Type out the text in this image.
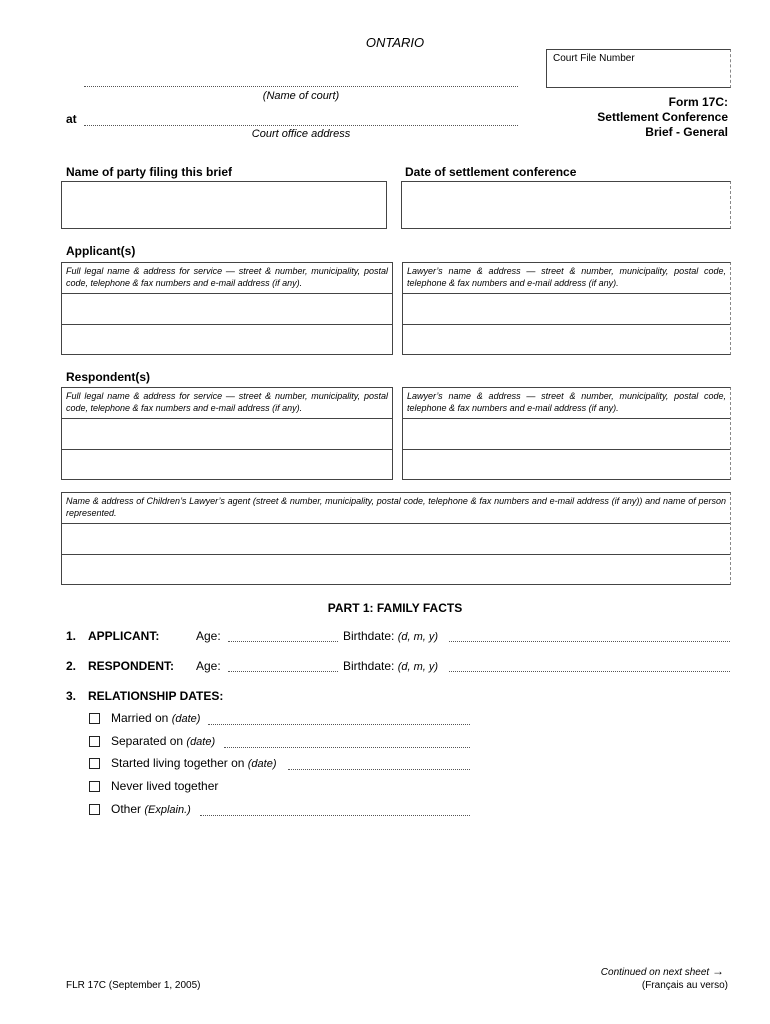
ONTARIO
Court File Number
(Name of court)
at
Court office address
Form 17C:
Settlement Conference
Brief - General
Name of party filing this brief	Date of settlement conference
Applicant(s)
Full legal name & address for service — street & number, municipality, postal code, telephone & fax numbers and e-mail address (if any).
Lawyer’s name & address — street & number, municipality, postal code, telephone & fax numbers and e-mail address (if any).
Respondent(s)
Full legal name & address for service — street & number, municipality, postal code, telephone & fax numbers and e-mail address (if any).
Lawyer’s name & address — street & number, municipality, postal code, telephone & fax numbers and e-mail address (if any).
Name & address of Children’s Lawyer’s agent (street & number, municipality, postal code, telephone & fax numbers and e-mail address (if any)) and name of person represented.
PART 1: FAMILY FACTS
1. APPLICANT:	Age:	Birthdate: (d, m, y)
2. RESPONDENT: Age:	Birthdate: (d, m, y)
3. RELATIONSHIP DATES:
Married on (date)
Separated on (date)
Started living together on (date)
Never lived together
Other (Explain.)
FLR 17C (September 1, 2005)
Continued on next sheet →
(Français au verso)
